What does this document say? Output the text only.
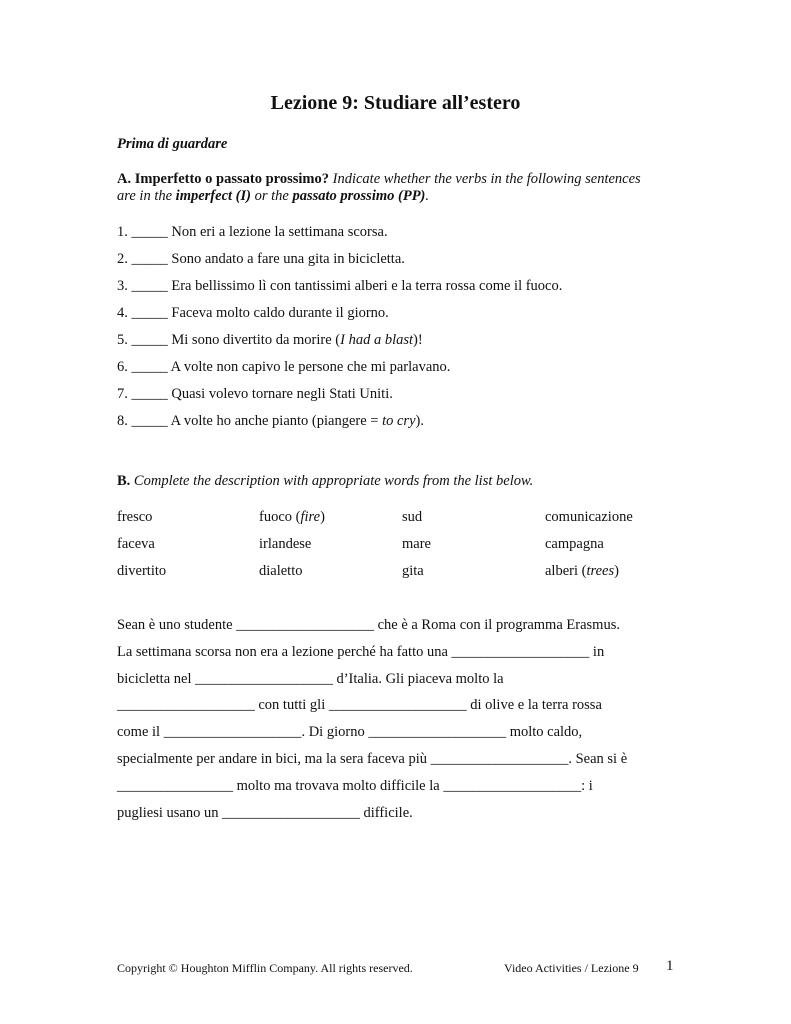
Lezione 9: Studiare all’estero
Prima di guardare
A. Imperfetto o passato prossimo? Indicate whether the verbs in the following sentences are in the imperfect (I) or the passato prossimo (PP).
1. _____ Non eri a lezione la settimana scorsa.
2. _____ Sono andato a fare una gita in bicicletta.
3. _____ Era bellissimo lì con tantissimi alberi e la terra rossa come il fuoco.
4. _____ Faceva molto caldo durante il giorno.
5. _____ Mi sono divertito da morire (I had a blast)!
6. _____ A volte non capivo le persone che mi parlavano.
7. _____ Quasi volevo tornare negli Stati Uniti.
8. _____ A volte ho anche pianto (piangere = to cry).
B. Complete the description with appropriate words from the list below.
fresco	fuoco (fire)	sud	comunicazione
faceva	irlandese	mare	campagna
divertito	dialetto	gita	alberi (trees)
Sean è uno studente ___________________ che è a Roma con il programma Erasmus.
La settimana scorsa non era a lezione perché ha fatto una ___________________ in
bicicletta nel ___________________ d’Italia. Gli piaceva molto la
___________________ con tutti gli ___________________ di olive e la terra rossa
come il ___________________. Di giorno ___________________ molto caldo,
specialmente per andare in bici, ma la sera faceva più ___________________. Sean si è
________________ molto ma trovava molto difficile la ___________________: i
pugliesi usano un ___________________ difficile.
Copyright © Houghton Mifflin Company. All rights reserved.	Video Activities / Lezione 9 1
